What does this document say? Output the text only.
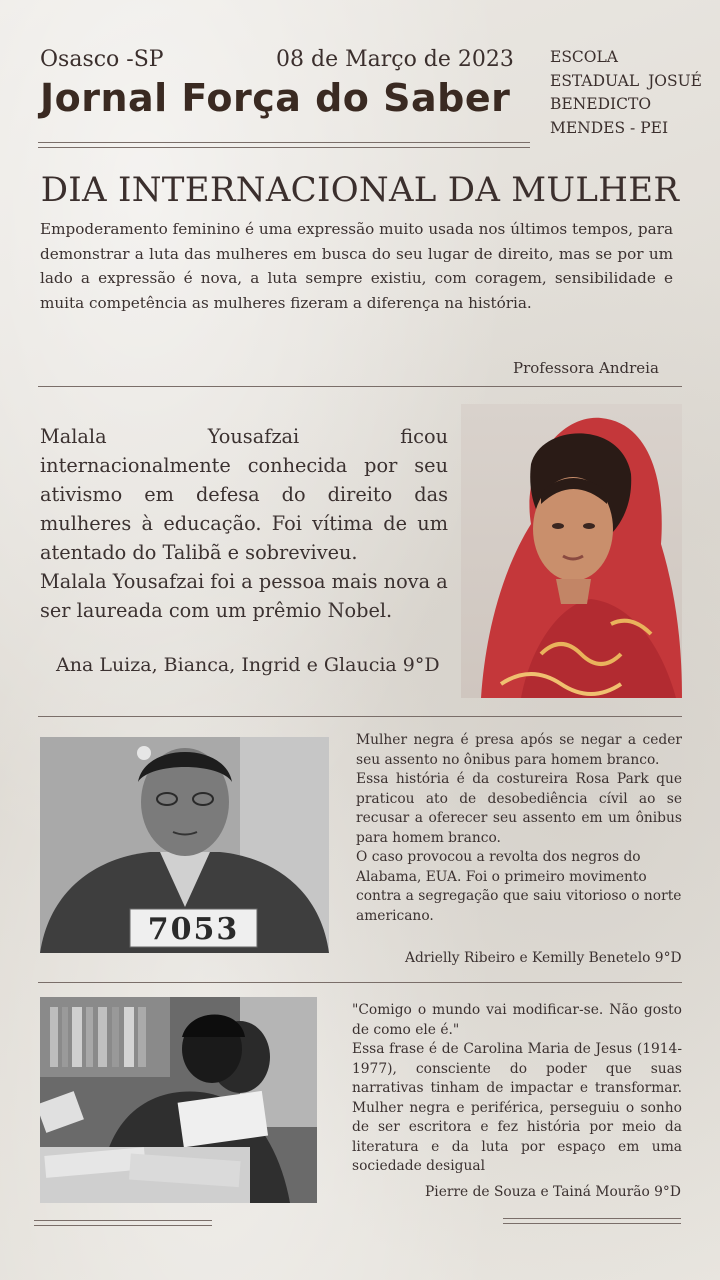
Osasco -SP	08 de Março de 2023
Jornal Força do Saber
ESCOLA
ESTADUAL JOSUÉ
BENEDICTO
MENDES - PEI
DIA INTERNACIONAL DA MULHER
Empoderamento feminino é uma expressão muito usada nos últimos tempos, para demonstrar a luta das mulheres em busca do seu lugar de direito, mas se por um lado a expressão é nova, a luta sempre existiu, com coragem, sensibilidade e muita competência as mulheres fizeram a diferença na história.
Professora Andreia

Malala Yousafzai ficou internacionalmente conhecida por seu ativismo em defesa do direito das mulheres à educação. Foi vítima de um atentado do Talibã e sobreviveu.

Malala Yousafzai foi a pessoa mais nova a ser laureada com um prêmio Nobel.

Ana Luiza, Bianca, Ingrid e Glaucia 9°D
7053

Mulher negra é presa após se negar a ceder seu assento no ônibus para homem branco.

Essa história é da costureira Rosa Park que praticou ato de desobediência cívil ao se recusar a oferecer seu assento em um ônibus para homem branco.

O caso provocou a revolta dos negros do Alabama, EUA. Foi o primeiro movimento contra a segregação que saiu vitorioso o norte americano.

Adrielly Ribeiro e Kemilly Benetelo 9°D

"Comigo o mundo vai modificar-se. Não gosto de como ele é."

Essa frase é de Carolina Maria de Jesus (1914-1977), consciente do poder que suas narrativas tinham de impactar e transformar. Mulher negra e periférica, perseguiu o sonho de ser escritora e fez história por meio da literatura e da luta por espaço em uma sociedade desigual

Pierre de Souza e Tainá Mourão 9°D
